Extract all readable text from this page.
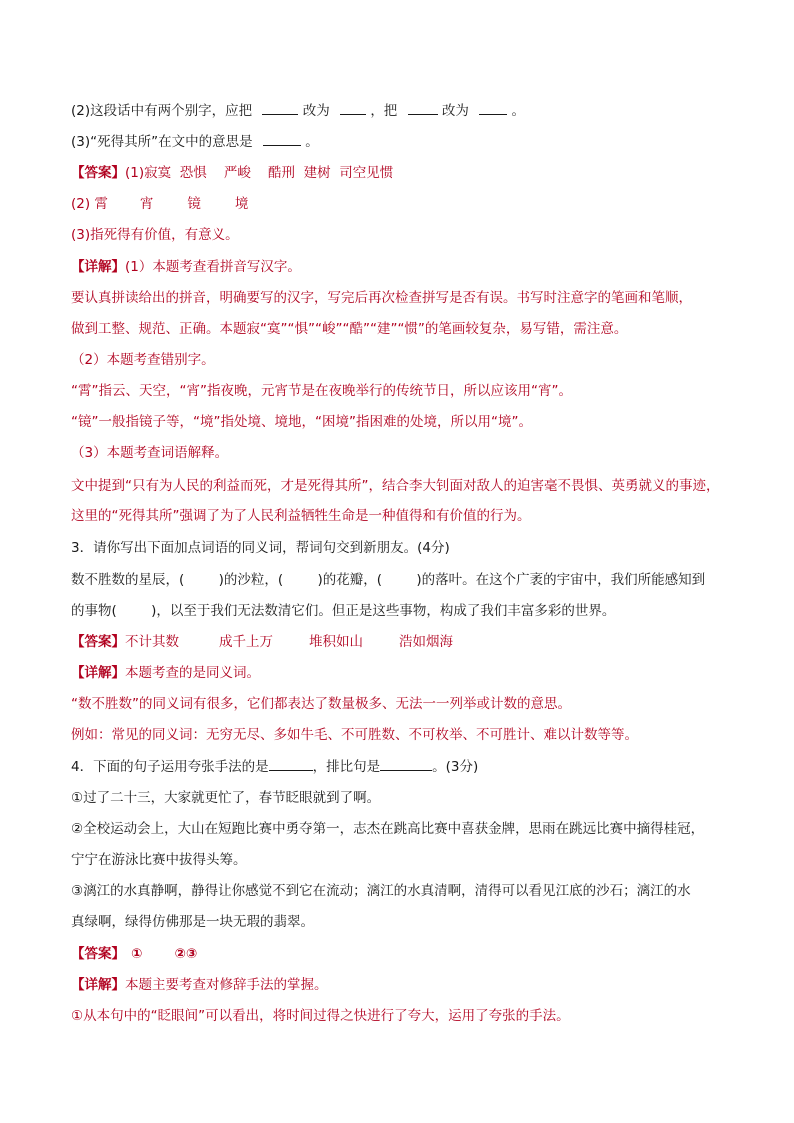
(2)这段话中有两个别字，应把	改为	，把	改为	。
(3)“死得其所”在文中的意思是	。
【答案】(1)寂寞  恐惧    严峻    酷刑  建树  司空见惯
(2) 霄 宵	镜	境
(3)指死得有价值，有意义。
【详解】(1）本题考查看拼音写汉字。
要认真拼读给出的拼音，明确要写的汉字，写完后再次检查拼写是否有误。书写时注意字的笔画和笔顺，
做到工整、规范、正确。本题寂“寞”“惧”“峻”“酷”“建”“惯”的笔画较复杂，易写错，需注意。
（2）本题考查错别字。
“霄”指云、天空，“宵”指夜晚，元宵节是在夜晚举行的传统节日，所以应该用“宵”。
“镜”一般指镜子等，“境”指处境、境地，“困境”指困难的处境，所以用“境”。
（3）本题考查词语解释。
文中提到“只有为人民的利益而死，才是死得其所”，结合李大钊面对敌人的迫害毫不畏惧、英勇就义的事迹，
这里的“死得其所”强调了为了人民利益牺牲生命是一种值得和有价值的行为。
3．请你写出下面加点词语的同义词，帮词句交到新朋友。(4分)
数不胜数的星辰，(        )的沙粒，(        )的花瓣，(        )的落叶。在这个广袤的宇宙中，我们所能感知到
的事物(        )，以至于我们无法数清它们。但正是这些事物，构成了我们丰富多彩的世界。
【答案】不计其数	成千上万	堆积如山	浩如烟海
【详解】本题考查的是同义词。
“数不胜数”的同义词有很多，它们都表达了数量极多、无法一一列举或计数的意思。
例如：常见的同义词：无穷无尽、多如牛毛、不可胜数、不可枚举、不可胜计、难以计数等等。
4．下面的句子运用夸张手法的是	，排比句是	。(3分)
①过了二十三，大家就更忙了，春节眨眼就到了啊。
②全校运动会上，大山在短跑比赛中勇夺第一，志杰在跳高比赛中喜获金牌，思雨在跳远比赛中摘得桂冠，
宁宁在游泳比赛中拔得头筹。
③漓江的水真静啊，静得让你感觉不到它在流动；漓江的水真清啊，清得可以看见江底的沙石；漓江的水
真绿啊，绿得仿佛那是一块无瑕的翡翠。
【答案】 ① ②③
【详解】本题主要考查对修辞手法的掌握。
①从本句中的“眨眼间”可以看出，将时间过得之快进行了夸大，运用了夸张的手法。
